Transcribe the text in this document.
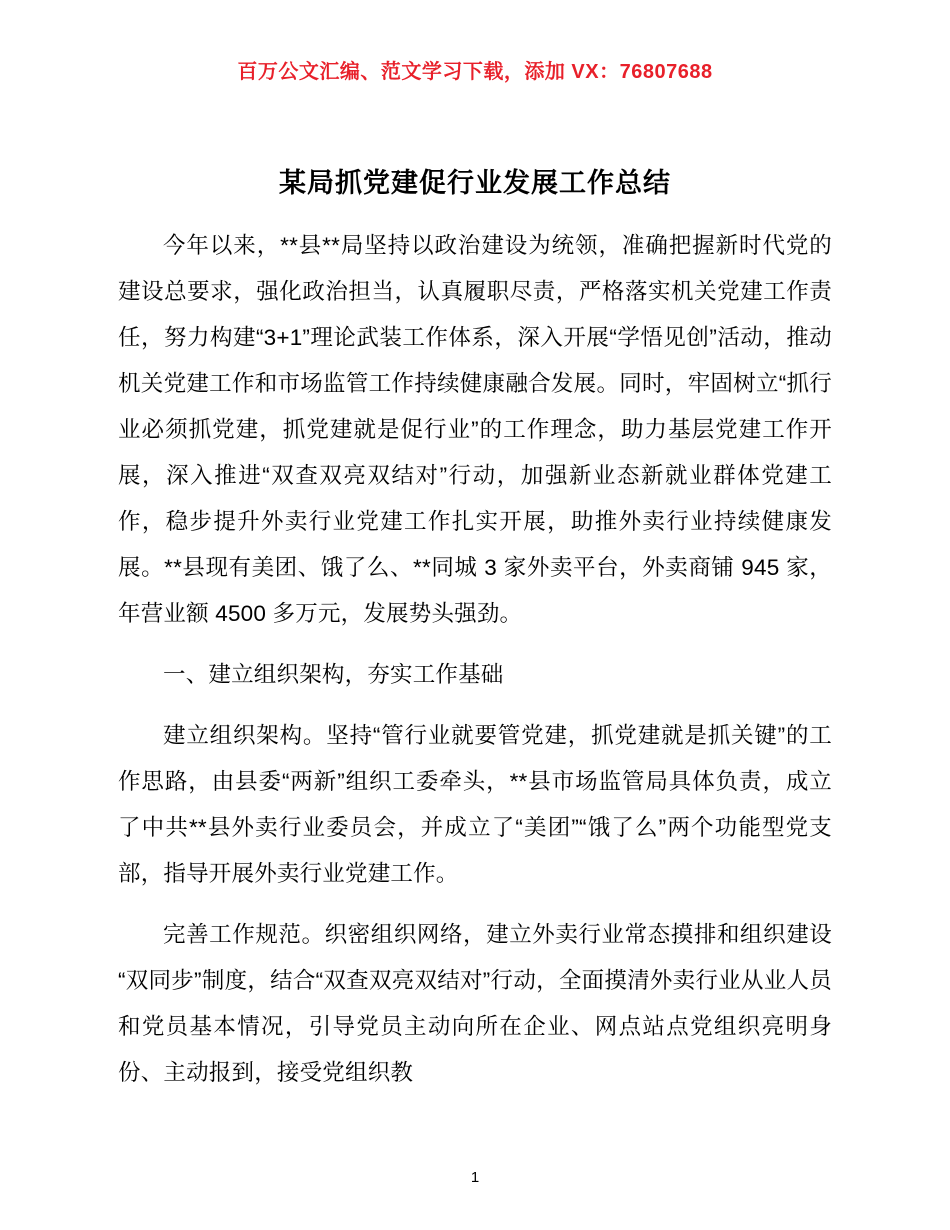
百万公文汇编、范文学习下载，添加 VX：76807688
某局抓党建促行业发展工作总结

今年以来，**县**局坚持以政治建设为统领，准确把握新时代党的建设总要求，强化政治担当，认真履职尽责，严格落实机关党建工作责任，努力构建“3+1”理论武装工作体系，深入开展“学悟见创”活动，推动机关党建工作和市场监管工作持续健康融合发展。同时，牢固树立“抓行业必须抓党建，抓党建就是促行业”的工作理念，助力基层党建工作开展，深入推进“双查双亮双结对”行动，加强新业态新就业群体党建工作，稳步提升外卖行业党建工作扎实开展，助推外卖行业持续健康发展。**县现有美团、饿了么、**同城 3 家外卖平台，外卖商铺 945 家，年营业额 4500 多万元，发展势头强劲。

一、建立组织架构，夯实工作基础

建立组织架构。坚持“管行业就要管党建，抓党建就是抓关键”的工作思路，由县委“两新”组织工委牵头，**县市场监管局具体负责，成立了中共**县外卖行业委员会，并成立了“美团”“饿了么”两个功能型党支部，指导开展外卖行业党建工作。

完善工作规范。织密组织网络，建立外卖行业常态摸排和组织建设“双同步”制度，结合“双查双亮双结对”行动，全面摸清外卖行业从业人员和党员基本情况，引导党员主动向所在企业、网点站点党组织亮明身份、主动报到，接受党组织教

1
